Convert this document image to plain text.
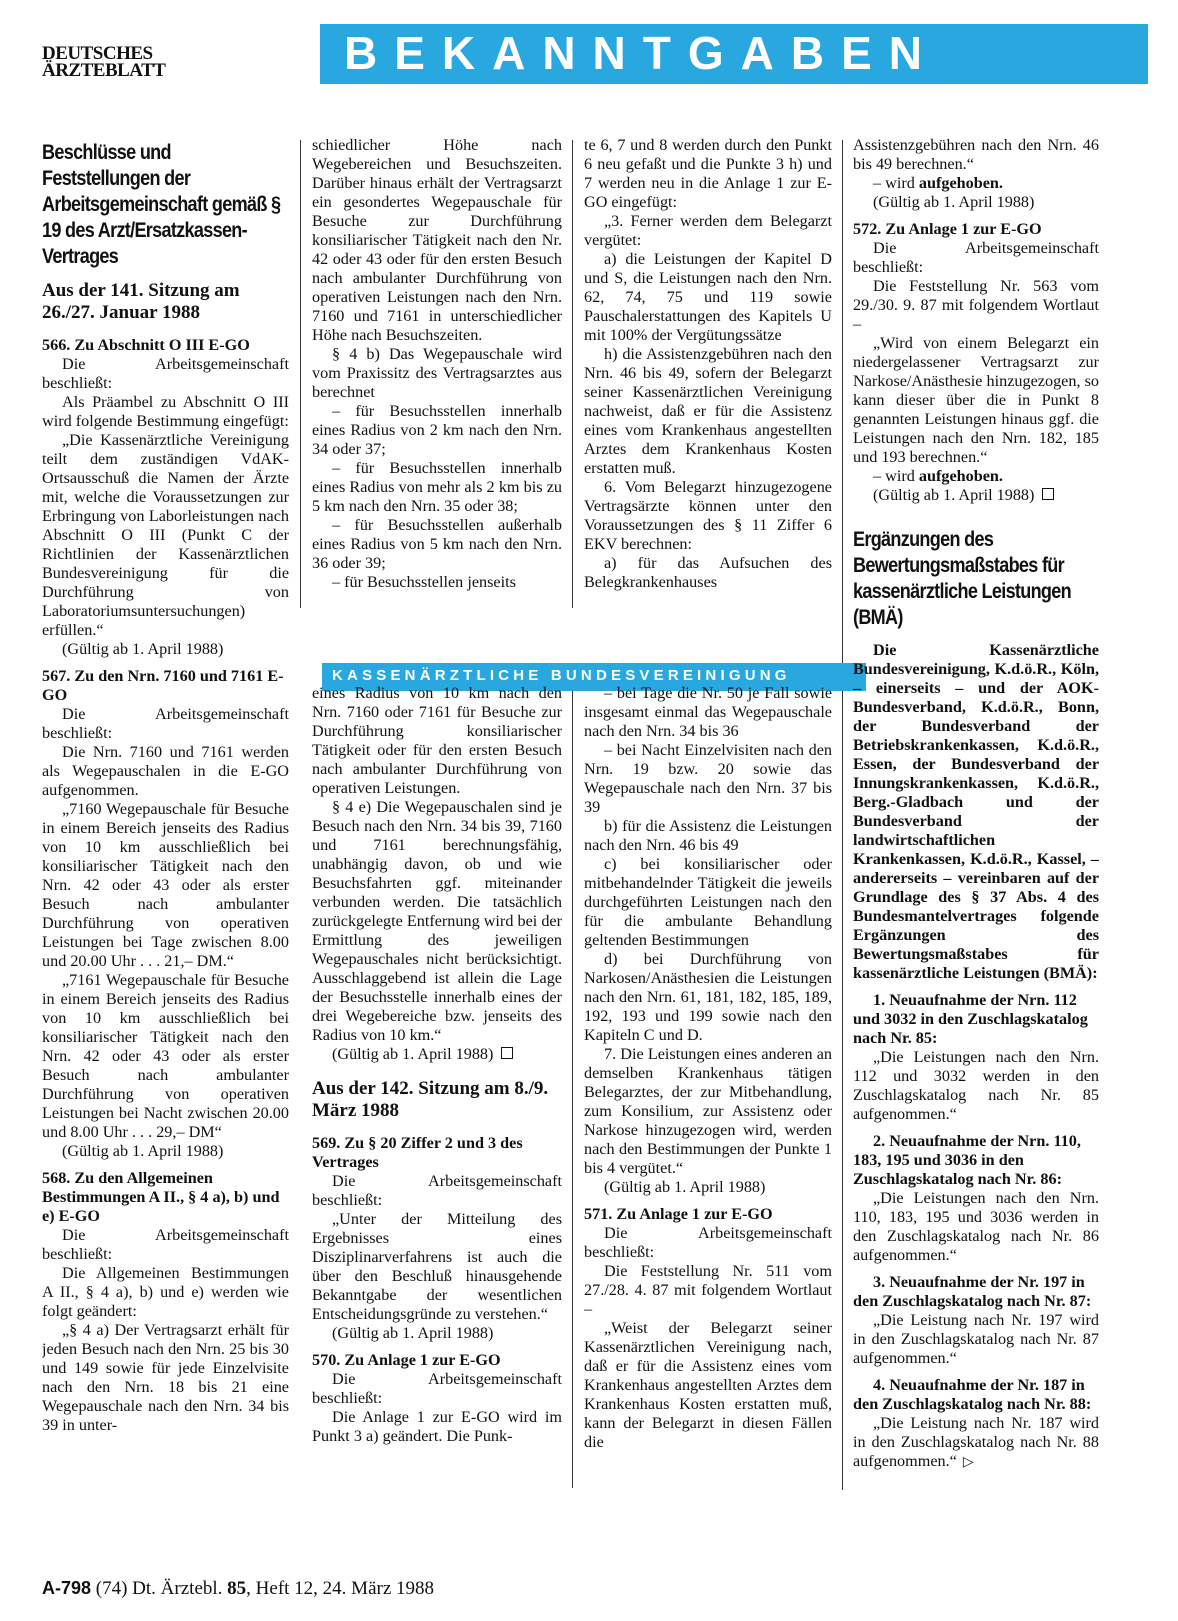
DEUTSCHES
ÄRZTEBLATT	BEKANNTGABEN
Beschlüsse und Feststellungen der Arbeitsgemeinschaft gemäß § 19 des Arzt/Ersatzkassen-Vertrages

Aus der 141. Sitzung am 26./27. Januar 1988

566. Zu Abschnitt O III E-GO

Die Arbeitsgemeinschaft beschließt:

Als Präambel zu Abschnitt O III wird folgende Bestimmung eingefügt:

„Die Kassenärztliche Vereinigung teilt dem zuständigen VdAK-Ortsausschuß die Namen der Ärzte mit, welche die Voraussetzungen zur Erbringung von Laborleistungen nach Abschnitt O III (Punkt C der Richtlinien der Kassenärztlichen Bundesvereinigung für die Durchführung von Laboratoriumsuntersuchungen) erfüllen.“

(Gültig ab 1. April 1988)

567. Zu den Nrn. 7160 und 7161 E-GO

Die Arbeitsgemeinschaft beschließt:

Die Nrn. 7160 und 7161 werden als Wegepauschalen in die E-GO aufgenommen.

„7160 Wegepauschale für Besuche in einem Bereich jenseits des Radius von 10 km ausschließlich bei konsiliarischer Tätigkeit nach den Nrn. 42 oder 43 oder als erster Besuch nach ambulanter Durchführung von operativen Leistungen bei Tage zwischen 8.00 und 20.00 Uhr . . . 21,– DM.“

„7161 Wegepauschale für Besuche in einem Bereich jenseits des Radius von 10 km ausschließlich bei konsiliarischer Tätigkeit nach den Nrn. 42 oder 43 oder als erster Besuch nach ambulanter Durchführung von operativen Leistungen bei Nacht zwischen 20.00 und 8.00 Uhr . . . 29,– DM“

(Gültig ab 1. April 1988)

568. Zu den Allgemeinen Bestimmungen A II., § 4 a), b) und e) E-GO

Die Arbeitsgemeinschaft beschließt:

Die Allgemeinen Bestimmungen A II., § 4 a), b) und e) werden wie folgt geändert:

„§ 4 a) Der Vertragsarzt erhält für jeden Besuch nach den Nrn. 25 bis 30 und 149 sowie für jede Einzelvisite nach den Nrn. 18 bis 21 eine Wegepauschale nach den Nrn. 34 bis 39 in unter-

schiedlicher Höhe nach Wegebereichen und Besuchszeiten. Darüber hinaus erhält der Vertragsarzt ein gesondertes Wegepauschale für Besuche zur Durchführung konsiliarischer Tätigkeit nach den Nr. 42 oder 43 oder für den ersten Besuch nach ambulanter Durchführung von operativen Leistungen nach den Nrn. 7160 und 7161 in unterschiedlicher Höhe nach Besuchszeiten.

§ 4 b) Das Wegepauschale wird vom Praxissitz des Vertragsarztes aus berechnet

– für Besuchsstellen innerhalb eines Radius von 2 km nach den Nrn. 34 oder 37;

– für Besuchsstellen innerhalb eines Radius von mehr als 2 km bis zu 5 km nach den Nrn. 35 oder 38;

– für Besuchsstellen außerhalb eines Radius von 5 km nach den Nrn. 36 oder 39;

– für Besuchsstellen jenseits

te 6, 7 und 8 werden durch den Punkt 6 neu gefaßt und die Punkte 3 h) und 7 werden neu in die Anlage 1 zur E-GO eingefügt:

„3. Ferner werden dem Belegarzt vergütet:

a) die Leistungen der Kapitel D und S, die Leistungen nach den Nrn. 62, 74, 75 und 119 sowie Pauschalerstattungen des Kapitels U mit 100% der Vergütungssätze

h) die Assistenzgebühren nach den Nrn. 46 bis 49, sofern der Belegarzt seiner Kassenärztlichen Vereinigung nachweist, daß er für die Assistenz eines vom Krankenhaus angestellten Arztes dem Krankenhaus Kosten erstatten muß.

6. Vom Belegarzt hinzugezogene Vertragsärzte können unter den Voraussetzungen des § 11 Ziffer 6 EKV berechnen:

a) für das Aufsuchen des Belegkrankenhauses

KASSENÄRZTLICHE BUNDESVEREINIGUNG

eines Radius von 10 km nach den Nrn. 7160 oder 7161 für Besuche zur Durchführung konsiliarischer Tätigkeit oder für den ersten Besuch nach ambulanter Durchführung von operativen Leistungen.

§ 4 e) Die Wegepauschalen sind je Besuch nach den Nrn. 34 bis 39, 7160 und 7161 berechnungsfähig, unabhängig davon, ob und wie Besuchsfahrten ggf. miteinander verbunden werden. Die tatsächlich zurückgelegte Entfernung wird bei der Ermittlung des jeweiligen Wegepauschales nicht berücksichtigt. Ausschlaggebend ist allein die Lage der Besuchsstelle innerhalb eines der drei Wegebereiche bzw. jenseits des Radius von 10 km.“

(Gültig ab 1. April 1988)

Aus der 142. Sitzung am 8./9. März 1988

569. Zu § 20 Ziffer 2 und 3 des Vertrages

Die Arbeitsgemeinschaft beschließt:

„Unter der Mitteilung des Ergebnisses eines Disziplinarverfahrens ist auch die über den Beschluß hinausgehende Bekanntgabe der wesentlichen Entscheidungsgründe zu verstehen.“

(Gültig ab 1. April 1988)

570. Zu Anlage 1 zur E-GO

Die Arbeitsgemeinschaft beschließt:

Die Anlage 1 zur E-GO wird im Punkt 3 a) geändert. Die Punk-

– bei Tage die Nr. 50 je Fall sowie insgesamt einmal das Wegepauschale nach den Nrn. 34 bis 36

– bei Nacht Einzelvisiten nach den Nrn. 19 bzw. 20 sowie das Wegepauschale nach den Nrn. 37 bis 39

b) für die Assistenz die Leistungen nach den Nrn. 46 bis 49

c) bei konsiliarischer oder mitbehandelnder Tätigkeit die jeweils durchgeführten Leistungen nach den für die ambulante Behandlung geltenden Bestimmungen

d) bei Durchführung von Narkosen/Anästhesien die Leistungen nach den Nrn. 61, 181, 182, 185, 189, 192, 193 und 199 sowie nach den Kapiteln C und D.

7. Die Leistungen eines anderen an demselben Krankenhaus tätigen Belegarztes, der zur Mitbehandlung, zum Konsilium, zur Assistenz oder Narkose hinzugezogen wird, werden nach den Bestimmungen der Punkte 1 bis 4 vergütet.“

(Gültig ab 1. April 1988)

571. Zu Anlage 1 zur E-GO

Die Arbeitsgemeinschaft beschließt:

Die Feststellung Nr. 511 vom 27./28. 4. 87 mit folgendem Wortlaut –

„Weist der Belegarzt seiner Kassenärztlichen Vereinigung nach, daß er für die Assistenz eines vom Krankenhaus angestellten Arztes dem Krankenhaus Kosten erstatten muß, kann der Belegarzt in diesen Fällen die

Assistenzgebühren nach den Nrn. 46 bis 49 berechnen.“

– wird aufgehoben.

(Gültig ab 1. April 1988)

572. Zu Anlage 1 zur E-GO

Die Arbeitsgemeinschaft beschließt:

Die Feststellung Nr. 563 vom 29./30. 9. 87 mit folgendem Wortlaut –

„Wird von einem Belegarzt ein niedergelassener Vertragsarzt zur Narkose/Anästhesie hinzugezogen, so kann dieser über die in Punkt 8 genannten Leistungen hinaus ggf. die Leistungen nach den Nrn. 182, 185 und 193 berechnen.“

– wird aufgehoben.

(Gültig ab 1. April 1988)

Ergänzungen des Bewertungsmaßstabes für kassenärztliche Leistungen (BMÄ)

Die Kassenärztliche Bundesvereinigung, K.d.ö.R., Köln, – einerseits – und der AOK-Bundesverband, K.d.ö.R., Bonn, der Bundesverband der Betriebskrankenkassen, K.d.ö.R., Essen, der Bundesverband der Innungskrankenkassen, K.d.ö.R., Berg.-Gladbach und der Bundesverband der landwirtschaftlichen Krankenkassen, K.d.ö.R., Kassel, – andererseits – vereinbaren auf der Grundlage des § 37 Abs. 4 des Bundesmantelvertrages folgende Ergänzungen des Bewertungsmaßstabes für kassenärztliche Leistungen (BMÄ):

1. Neuaufnahme der Nrn. 112 und 3032 in den Zuschlagskatalog nach Nr. 85:

„Die Leistungen nach den Nrn. 112 und 3032 werden in den Zuschlagskatalog nach Nr. 85 aufgenommen.“

2. Neuaufnahme der Nrn. 110, 183, 195 und 3036 in den Zuschlagskatalog nach Nr. 86:

„Die Leistungen nach den Nrn. 110, 183, 195 und 3036 werden in den Zuschlagskatalog nach Nr. 86 aufgenommen.“

3. Neuaufnahme der Nr. 197 in den Zuschlagskatalog nach Nr. 87:

„Die Leistung nach Nr. 197 wird in den Zuschlagskatalog nach Nr. 87 aufgenommen.“

4. Neuaufnahme der Nr. 187 in den Zuschlagskatalog nach Nr. 88:

„Die Leistung nach Nr. 187 wird in den Zuschlagskatalog nach Nr. 88 aufgenommen.“ ▷

A-798 (74) Dt. Ärztebl. 85, Heft 12, 24. März 1988
